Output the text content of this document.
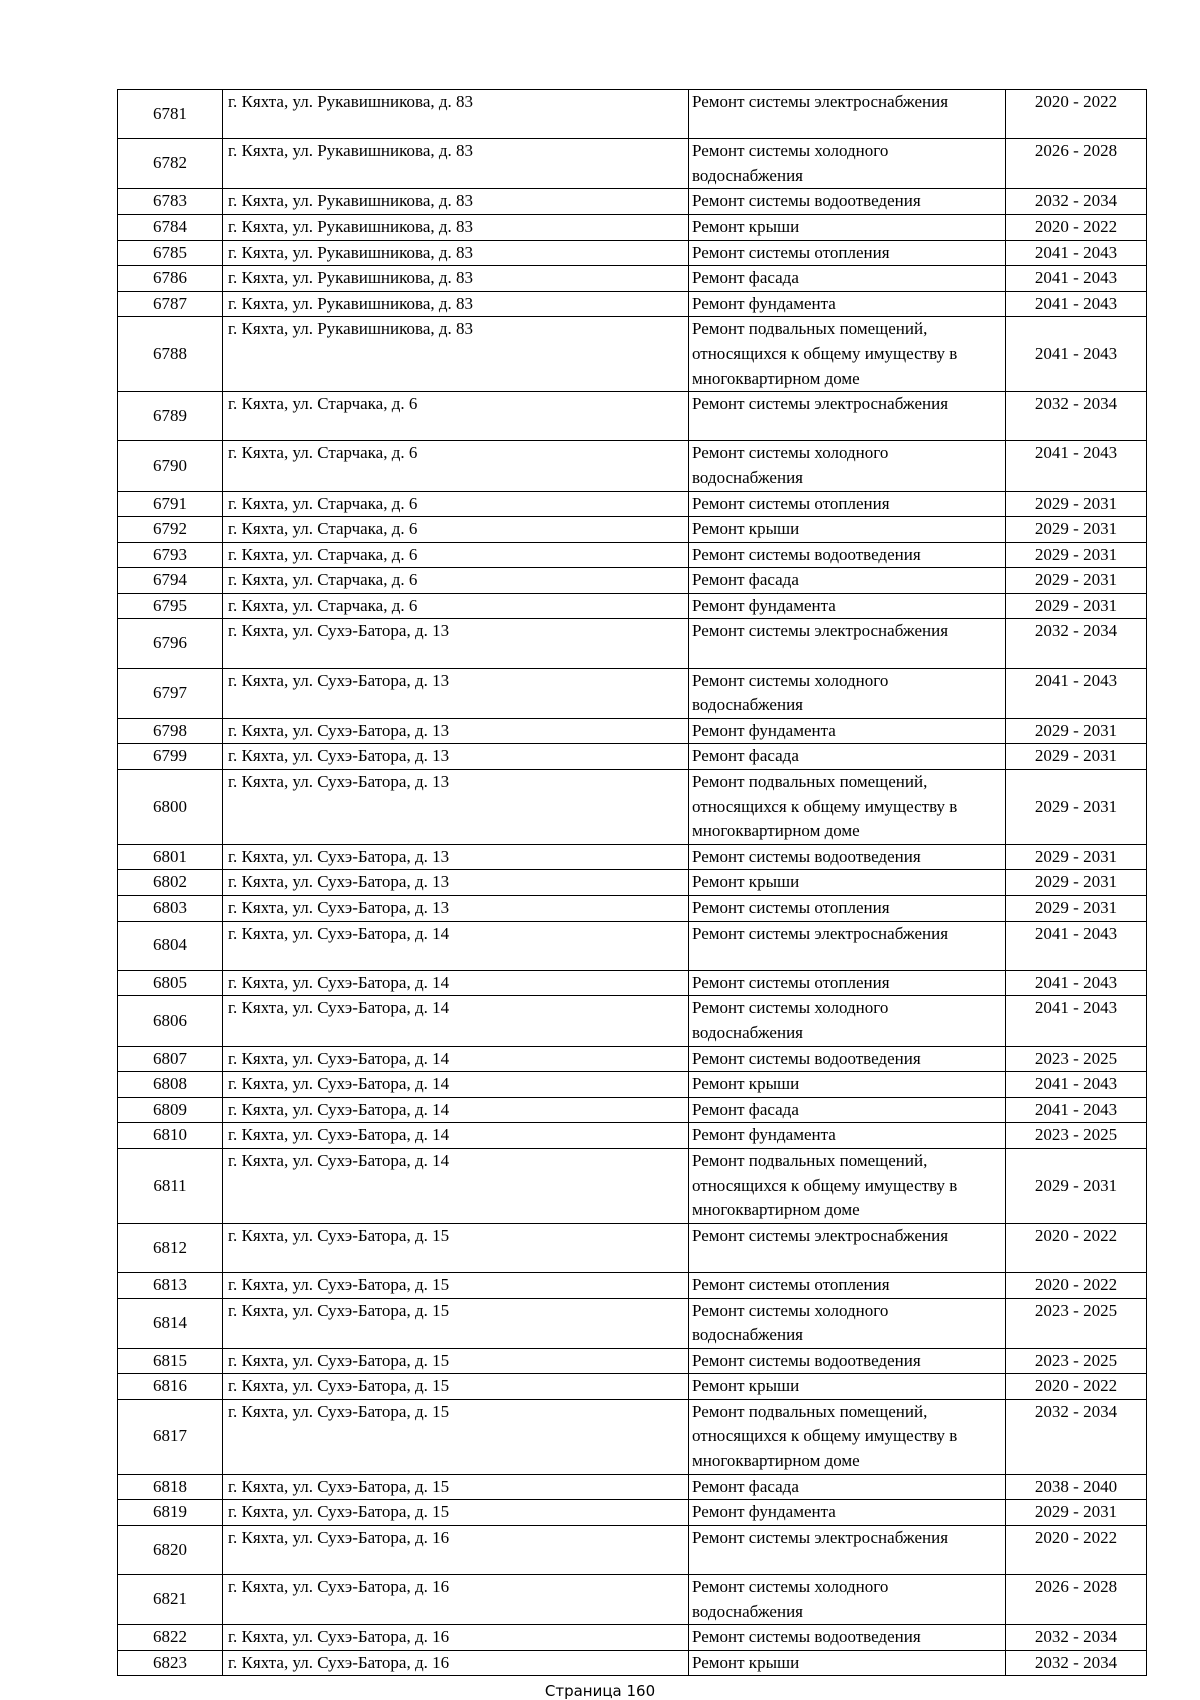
6781	г. Кяхта, ул. Рукавишникова, д. 83	Ремонт системы электроснабжения	2020 - 2022
6782	г. Кяхта, ул. Рукавишникова, д. 83	Ремонт системы холодного
водоснабжения	2026 - 2028
6783	г. Кяхта, ул. Рукавишникова, д. 83	Ремонт системы водоотведения	2032 - 2034
6784	г. Кяхта, ул. Рукавишникова, д. 83	Ремонт крыши	2020 - 2022
6785	г. Кяхта, ул. Рукавишникова, д. 83	Ремонт системы отопления	2041 - 2043
6786	г. Кяхта, ул. Рукавишникова, д. 83	Ремонт фасада	2041 - 2043
6787	г. Кяхта, ул. Рукавишникова, д. 83	Ремонт фундамента	2041 - 2043
6788	г. Кяхта, ул. Рукавишникова, д. 83	Ремонт подвальных помещений,
относящихся к общему имуществу в
многоквартирном доме	2041 - 2043
6789	г. Кяхта, ул. Старчака, д. 6	Ремонт системы электроснабжения	2032 - 2034
6790	г. Кяхта, ул. Старчака, д. 6	Ремонт системы холодного
водоснабжения	2041 - 2043
6791	г. Кяхта, ул. Старчака, д. 6	Ремонт системы отопления	2029 - 2031
6792	г. Кяхта, ул. Старчака, д. 6	Ремонт крыши	2029 - 2031
6793	г. Кяхта, ул. Старчака, д. 6	Ремонт системы водоотведения	2029 - 2031
6794	г. Кяхта, ул. Старчака, д. 6	Ремонт фасада	2029 - 2031
6795	г. Кяхта, ул. Старчака, д. 6	Ремонт фундамента	2029 - 2031
6796	г. Кяхта, ул. Сухэ-Батора, д. 13	Ремонт системы электроснабжения	2032 - 2034
6797	г. Кяхта, ул. Сухэ-Батора, д. 13	Ремонт системы холодного
водоснабжения	2041 - 2043
6798	г. Кяхта, ул. Сухэ-Батора, д. 13	Ремонт фундамента	2029 - 2031
6799	г. Кяхта, ул. Сухэ-Батора, д. 13	Ремонт фасада	2029 - 2031
6800	г. Кяхта, ул. Сухэ-Батора, д. 13	Ремонт подвальных помещений,
относящихся к общему имуществу в
многоквартирном доме	2029 - 2031
6801	г. Кяхта, ул. Сухэ-Батора, д. 13	Ремонт системы водоотведения	2029 - 2031
6802	г. Кяхта, ул. Сухэ-Батора, д. 13	Ремонт крыши	2029 - 2031
6803	г. Кяхта, ул. Сухэ-Батора, д. 13	Ремонт системы отопления	2029 - 2031
6804	г. Кяхта, ул. Сухэ-Батора, д. 14	Ремонт системы электроснабжения	2041 - 2043
6805	г. Кяхта, ул. Сухэ-Батора, д. 14	Ремонт системы отопления	2041 - 2043
6806	г. Кяхта, ул. Сухэ-Батора, д. 14	Ремонт системы холодного
водоснабжения	2041 - 2043
6807	г. Кяхта, ул. Сухэ-Батора, д. 14	Ремонт системы водоотведения	2023 - 2025
6808	г. Кяхта, ул. Сухэ-Батора, д. 14	Ремонт крыши	2041 - 2043
6809	г. Кяхта, ул. Сухэ-Батора, д. 14	Ремонт фасада	2041 - 2043
6810	г. Кяхта, ул. Сухэ-Батора, д. 14	Ремонт фундамента	2023 - 2025
6811	г. Кяхта, ул. Сухэ-Батора, д. 14	Ремонт подвальных помещений,
относящихся к общему имуществу в
многоквартирном доме	2029 - 2031
6812	г. Кяхта, ул. Сухэ-Батора, д. 15	Ремонт системы электроснабжения	2020 - 2022
6813	г. Кяхта, ул. Сухэ-Батора, д. 15	Ремонт системы отопления	2020 - 2022
6814	г. Кяхта, ул. Сухэ-Батора, д. 15	Ремонт системы холодного
водоснабжения	2023 - 2025
6815	г. Кяхта, ул. Сухэ-Батора, д. 15	Ремонт системы водоотведения	2023 - 2025
6816	г. Кяхта, ул. Сухэ-Батора, д. 15	Ремонт крыши	2020 - 2022
6817	г. Кяхта, ул. Сухэ-Батора, д. 15	Ремонт подвальных помещений,
относящихся к общему имуществу в
многоквартирном доме	2032 - 2034
6818	г. Кяхта, ул. Сухэ-Батора, д. 15	Ремонт фасада	2038 - 2040
6819	г. Кяхта, ул. Сухэ-Батора, д. 15	Ремонт фундамента	2029 - 2031
6820	г. Кяхта, ул. Сухэ-Батора, д. 16	Ремонт системы электроснабжения	2020 - 2022
6821	г. Кяхта, ул. Сухэ-Батора, д. 16	Ремонт системы холодного
водоснабжения	2026 - 2028
6822	г. Кяхта, ул. Сухэ-Батора, д. 16	Ремонт системы водоотведения	2032 - 2034
6823	г. Кяхта, ул. Сухэ-Батора, д. 16	Ремонт крыши	2032 - 2034
Страница 160
